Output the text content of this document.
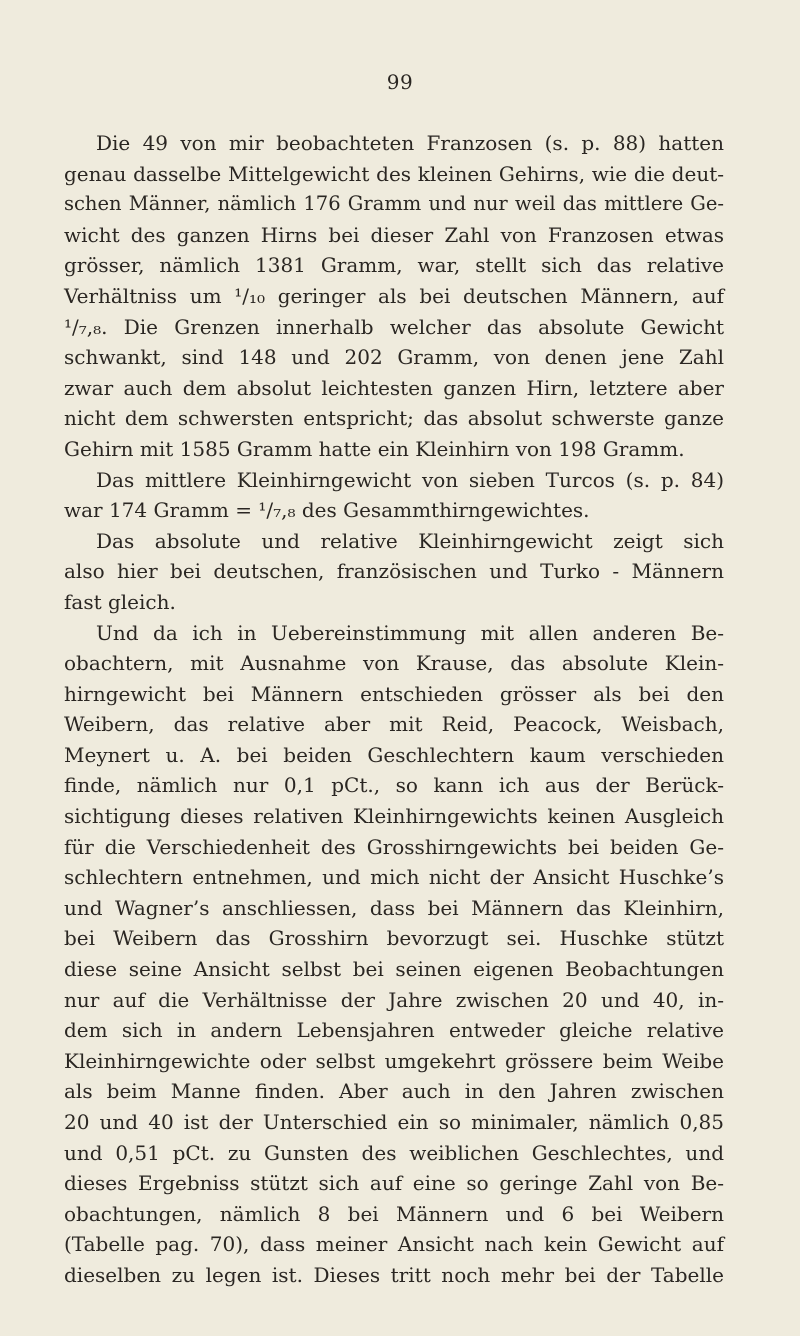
99
Die 49 von mir beobachteten Franzosen (s. p. 88) hatten
genau dasselbe Mittelgewicht des kleinen Gehirns, wie die deut-
schen Männer, nämlich 176 Gramm und nur weil das mittlere Ge-
wicht des ganzen Hirns bei dieser Zahl von Franzosen etwas
grösser, nämlich 1381 Gramm, war, stellt sich das relative
Verhältniss um ¹/₁₀ geringer als bei deutschen Männern, auf
¹/₇,₈. Die Grenzen innerhalb welcher das absolute Gewicht
schwankt, sind 148 und 202 Gramm, von denen jene Zahl
zwar auch dem absolut leichtesten ganzen Hirn, letztere aber
nicht dem schwersten entspricht; das absolut schwerste ganze
Gehirn mit 1585 Gramm hatte ein Kleinhirn von 198 Gramm.
Das mittlere Kleinhirngewicht von sieben Turcos (s. p. 84)
war 174 Gramm = ¹/₇,₈ des Gesammthirngewichtes.
Das absolute und relative Kleinhirngewicht zeigt sich
also hier bei deutschen, französischen und Turko - Männern
fast gleich.
Und da ich in Uebereinstimmung mit allen anderen Be-
obachtern, mit Ausnahme von Krause, das absolute Klein-
hirngewicht bei Männern entschieden grösser als bei den
Weibern, das relative aber mit Reid, Peacock, Weisbach,
Meynert u. A. bei beiden Geschlechtern kaum verschieden
finde, nämlich nur 0,1 pCt., so kann ich aus der Berück-
sichtigung dieses relativen Kleinhirngewichts keinen Ausgleich
für die Verschiedenheit des Grosshirngewichts bei beiden Ge-
schlechtern entnehmen, und mich nicht der Ansicht Huschke’s
und Wagner’s anschliessen, dass bei Männern das Kleinhirn,
bei Weibern das Grosshirn bevorzugt sei. Huschke stützt
diese seine Ansicht selbst bei seinen eigenen Beobachtungen
nur auf die Verhältnisse der Jahre zwischen 20 und 40, in-
dem sich in andern Lebensjahren entweder gleiche relative
Kleinhirngewichte oder selbst umgekehrt grössere beim Weibe
als beim Manne finden. Aber auch in den Jahren zwischen
20 und 40 ist der Unterschied ein so minimaler, nämlich 0,85
und 0,51 pCt. zu Gunsten des weiblichen Geschlechtes, und
dieses Ergebniss stützt sich auf eine so geringe Zahl von Be-
obachtungen, nämlich 8 bei Männern und 6 bei Weibern
(Tabelle pag. 70), dass meiner Ansicht nach kein Gewicht auf
dieselben zu legen ist. Dieses tritt noch mehr bei der Tabelle
